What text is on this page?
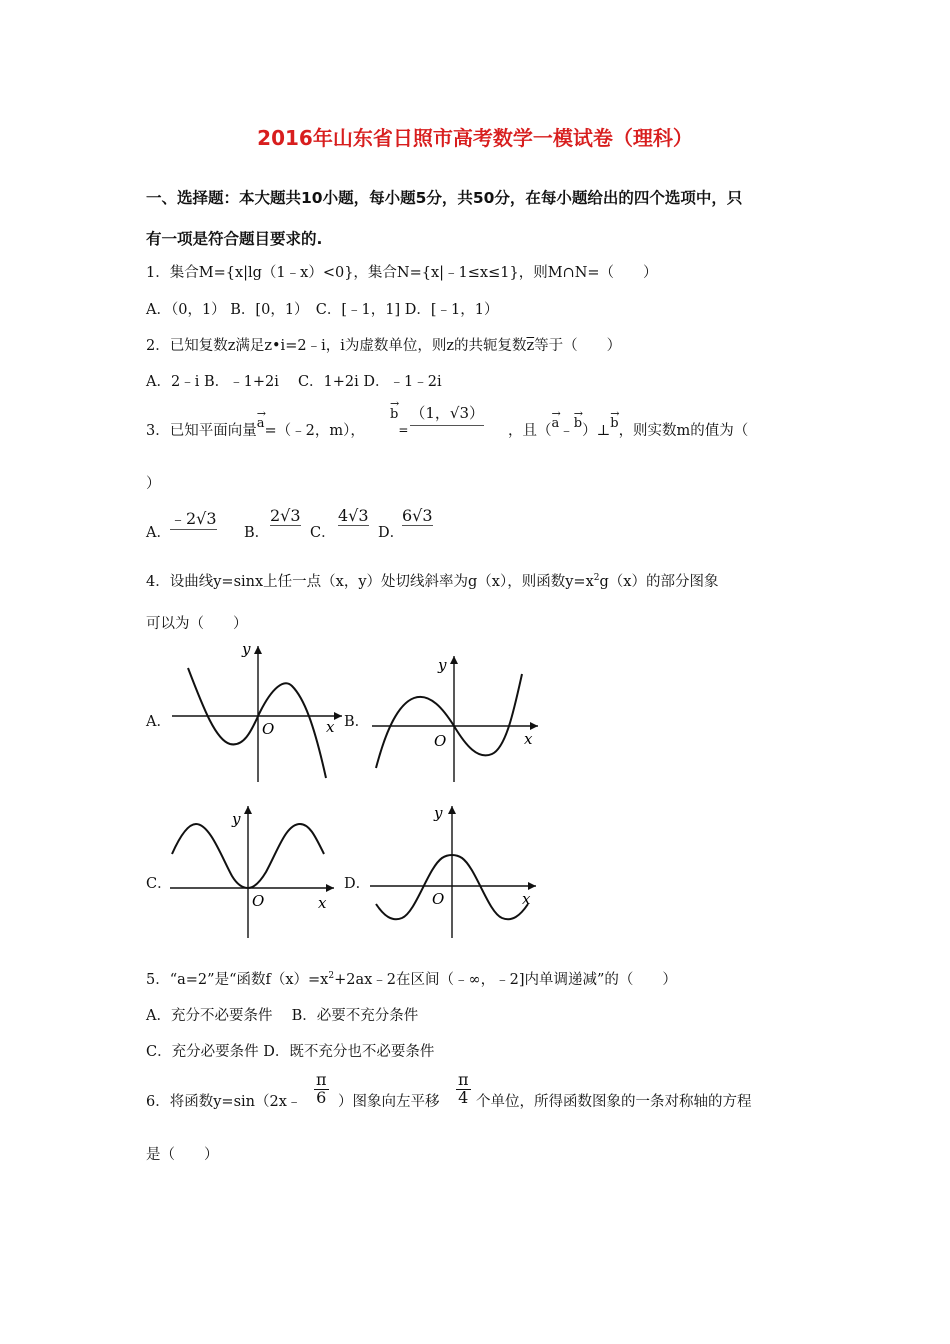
2016年山东省日照市高考数学一模试卷（理科）
一、选择题：本大题共10小题，每小题5分，共50分，在每小题给出的四个选项中，只
有一项是符合题目要求的.
1．集合M={x|lg（1﹣x）<0}，集合N={x|﹣1≤x≤1}，则M∩N=（　　）
A．（0，1） B．[0，1）　C．[﹣1，1] D．[﹣1，1）
2．已知复数z满足z•i=2﹣i，i为虚数单位，则z的共轭复数$\overline{z}$等于（　　）
A．2﹣i B．﹣1+2i　 C．1+2i D．﹣1﹣2i
3．已知平面向量
→
a=（﹣2，m），
→
b=（1，√3）
，且（
→
a﹣
→
b）⊥
→
b，则实数m的值为（
）
A．
﹣2√3
B．
2√3
C．
4√3
D．
6√3
4．设曲线y=sinx上任一点（x，y）处切线斜率为g（x），则函数$y=x^2g(x)$的部分图象
可以为（　　）
A．
y
x
O	B．
y
x
O
C．
y
x
O
D．
y
x
O
5．“a=2”是“函数$f(x)=x^2+2ax﹣2$在区间（﹣∞，﹣2]内单调递减”的（　　）
A．充分不必要条件　 B．必要不充分条件
C．充分必要条件 D．既不充分也不必要条件
6．将函数y=sin（2x﹣ $\frac{\pi}{6}$ ）图象向左平移 $\frac{\pi}{4}$ 个单位，所得函数图象的一条对称轴的方程
是（　　）
